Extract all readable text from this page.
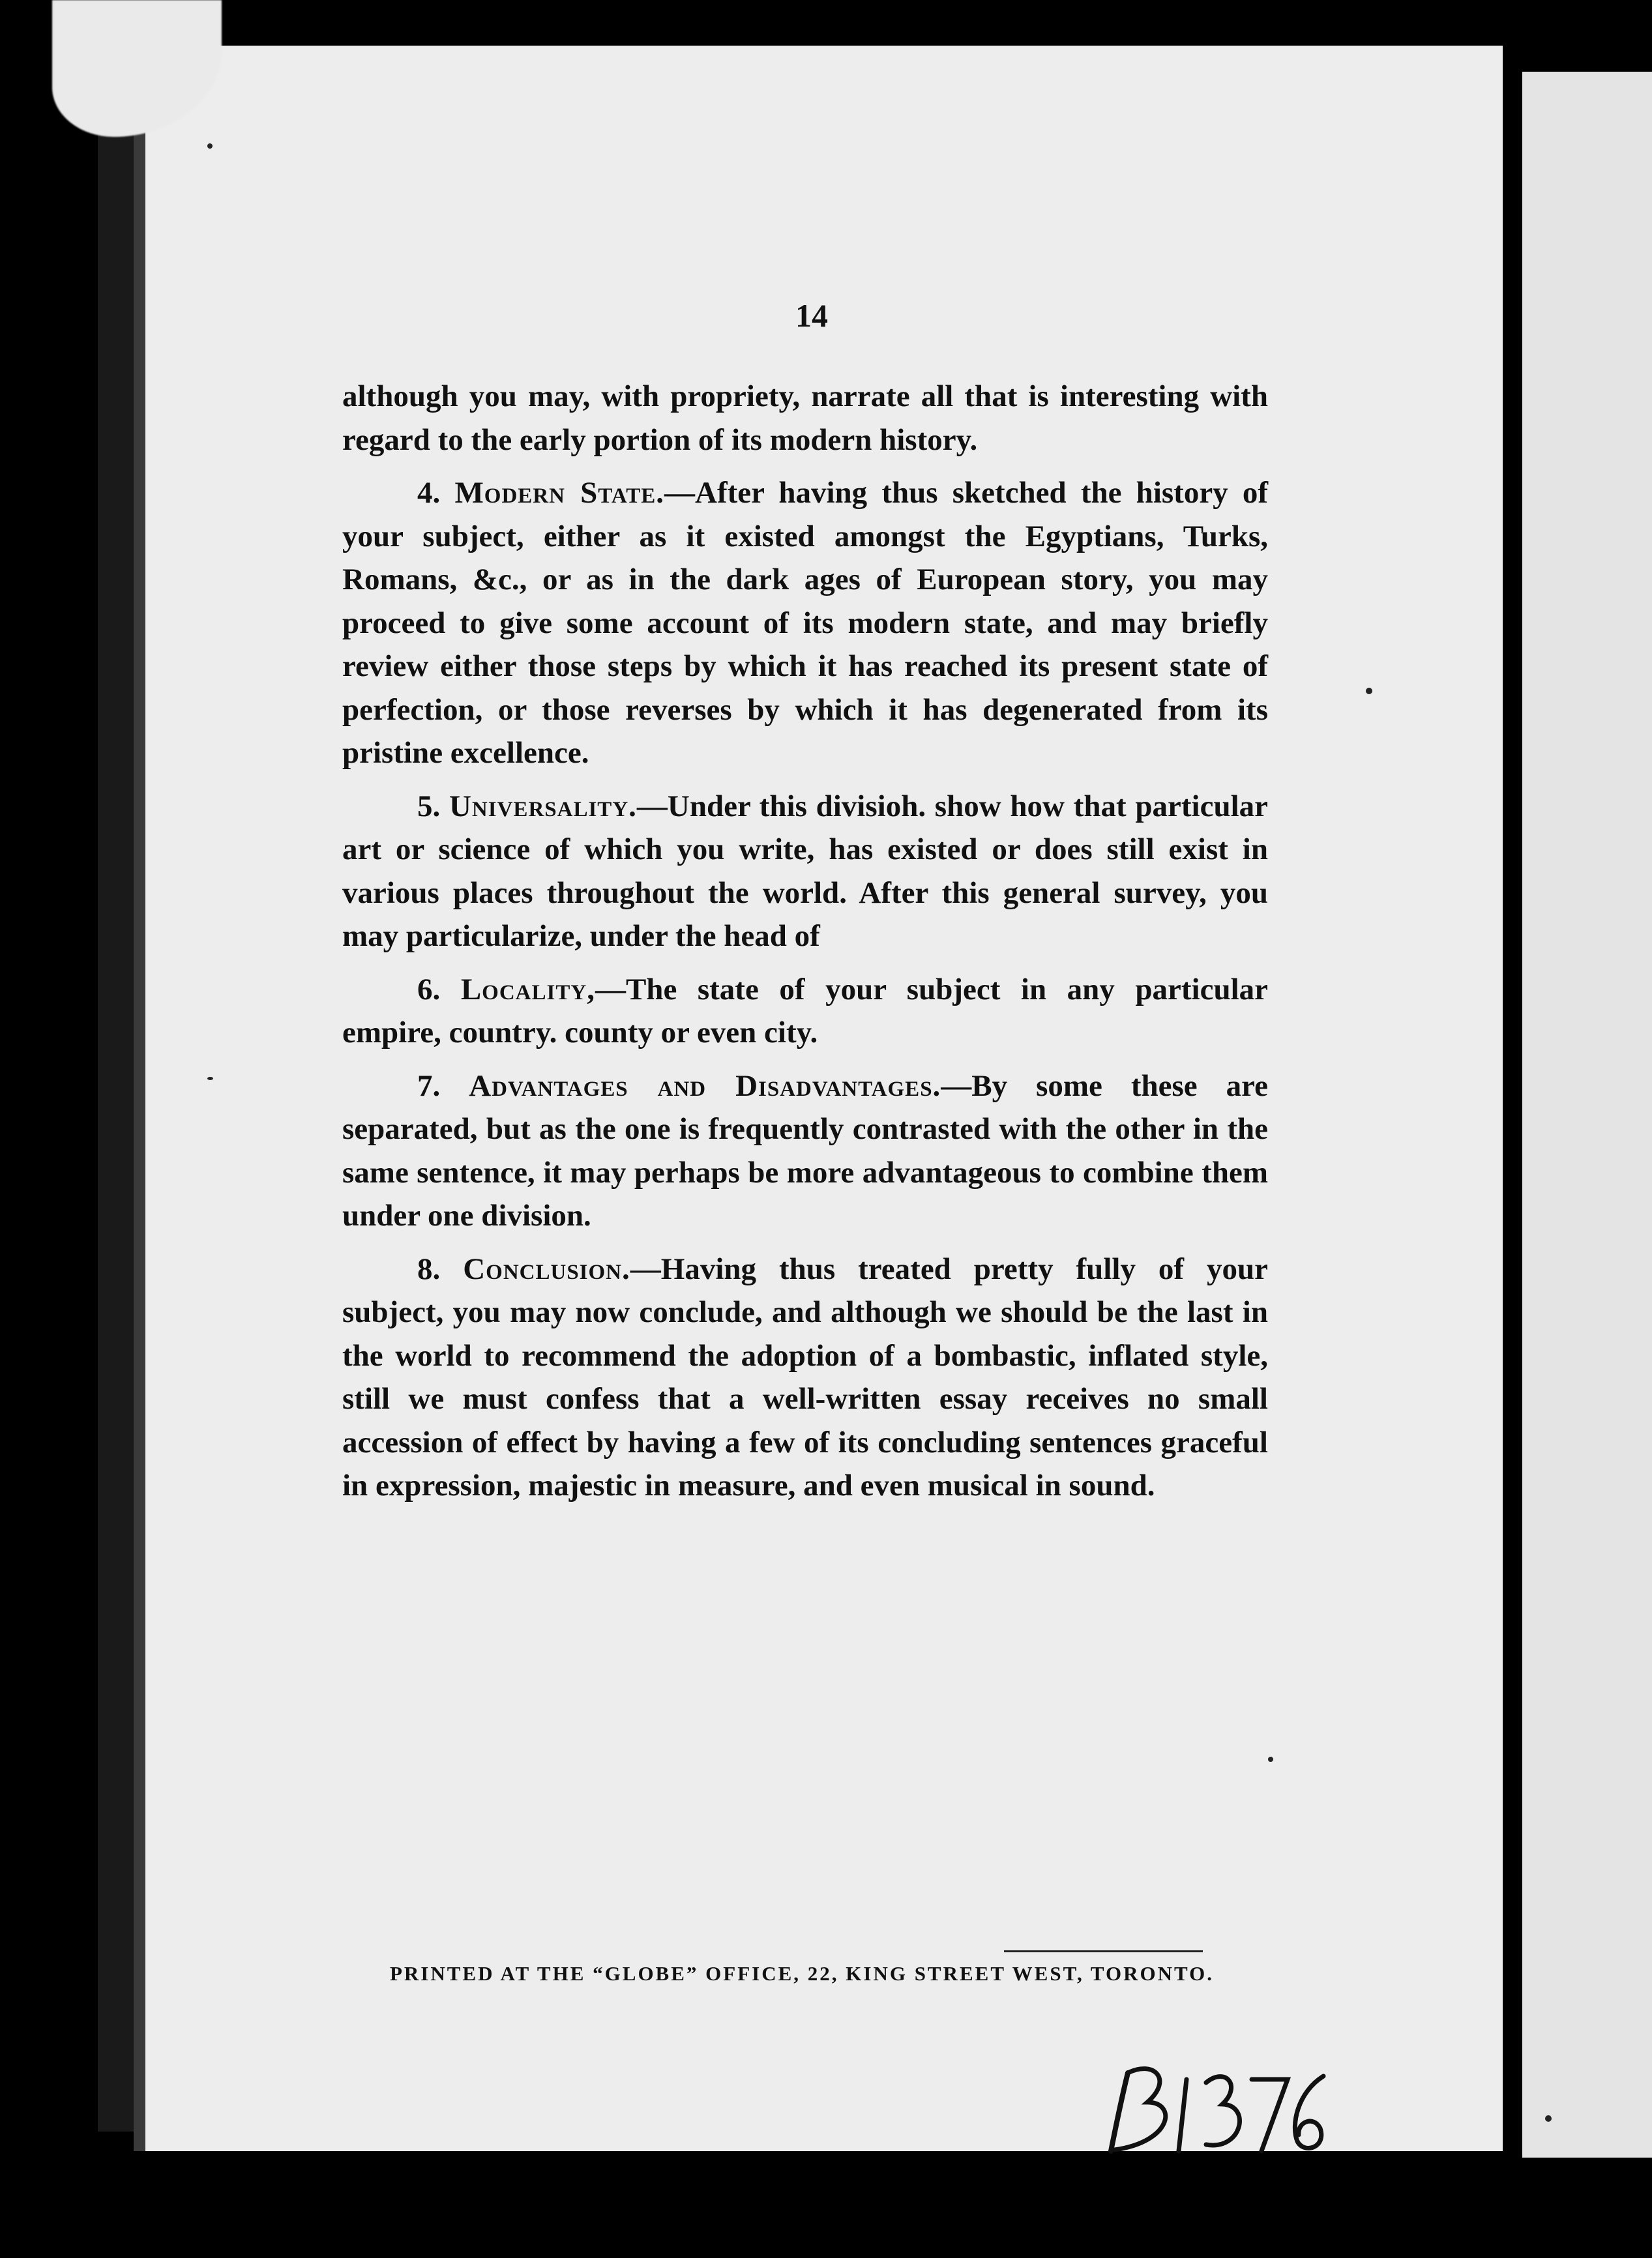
14

although you may, with propriety, narrate all that is interesting with regard to the early portion of its modern history.

4. Modern State.—After having thus sketched the history of your subject, either as it existed amongst the Egyptians, Turks, Romans, &c., or as in the dark ages of European story, you may proceed to give some account of its modern state, and may briefly review either those steps by which it has reached its present state of perfection, or those reverses by which it has degenerated from its pristine excellence.

5. Universality.—Under this divisioh. show how that particular art or science of which you write, has existed or does still exist in various places throughout the world. After this general survey, you may particularize, under the head of

6. Locality,—The state of your subject in any particular empire, country. county or even city.

7. Advantages and Disadvantages.—By some these are separated, but as the one is frequently contrasted with the other in the same sentence, it may perhaps be more advantageous to combine them under one division.

8. Conclusion.—Having thus treated pretty fully of your subject, you may now conclude, and although we should be the last in the world to recommend the adoption of a bombastic, inflated style, still we must confess that a well-written essay receives no small accession of effect by having a few of its concluding sentences graceful in expression, majestic in measure, and even musical in sound.

PRINTED AT THE “GLOBE” OFFICE, 22, KING STREET WEST, TORONTO.
